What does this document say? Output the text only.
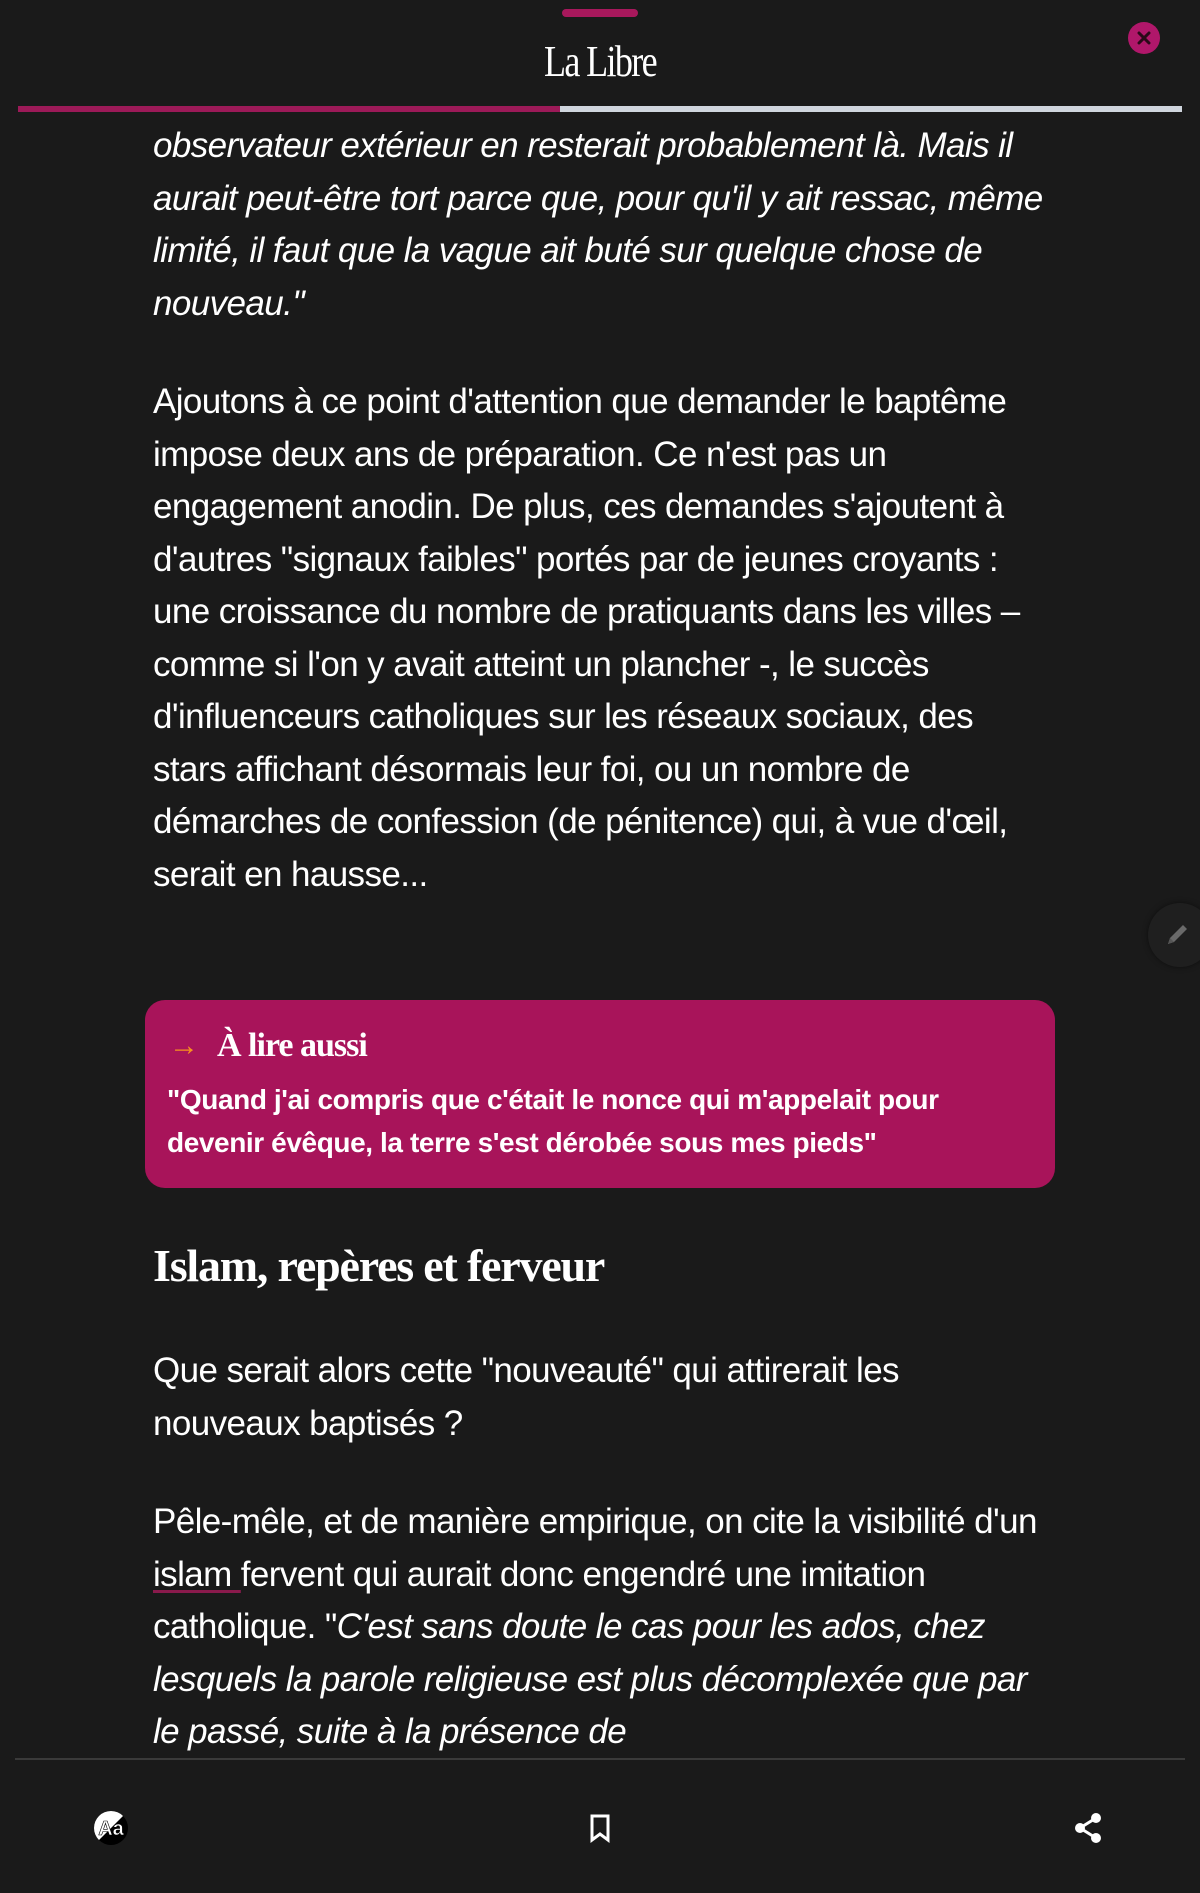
La Libre

observateur extérieur en resterait probablement là. Mais il aurait peut-être tort parce que, pour qu'il y ait ressac, même limité, il faut que la vague ait buté sur quelque chose de nouveau."

Ajoutons à ce point d'attention que demander le baptême impose deux ans de préparation. Ce n'est pas un engagement anodin. De plus, ces demandes s'ajoutent à d'autres "signaux faibles" portés par de jeunes croyants : une croissance du nombre de pratiquants dans les villes – comme si l'on y avait atteint un plancher -, le succès d'influenceurs catholiques sur les réseaux sociaux, des stars affichant désormais leur foi, ou un nombre de démarches de confession (de pénitence) qui, à vue d'œil, serait en hausse...

→ À lire aussi
"Quand j'ai compris que c'était le nonce qui m'appelait pour devenir évêque, la terre s'est dérobée sous mes pieds"
Islam, repères et ferveur

Que serait alors cette "nouveauté" qui attirerait les nouveaux baptisés ?

Pêle-mêle, et de manière empirique, on cite la visibilité d'un islam fervent qui aurait donc engendré une imitation catholique. "C'est sans doute le cas pour les ados, chez lesquels la parole religieuse est plus décomplexée que par le passé, suite à la présence de

Aa
